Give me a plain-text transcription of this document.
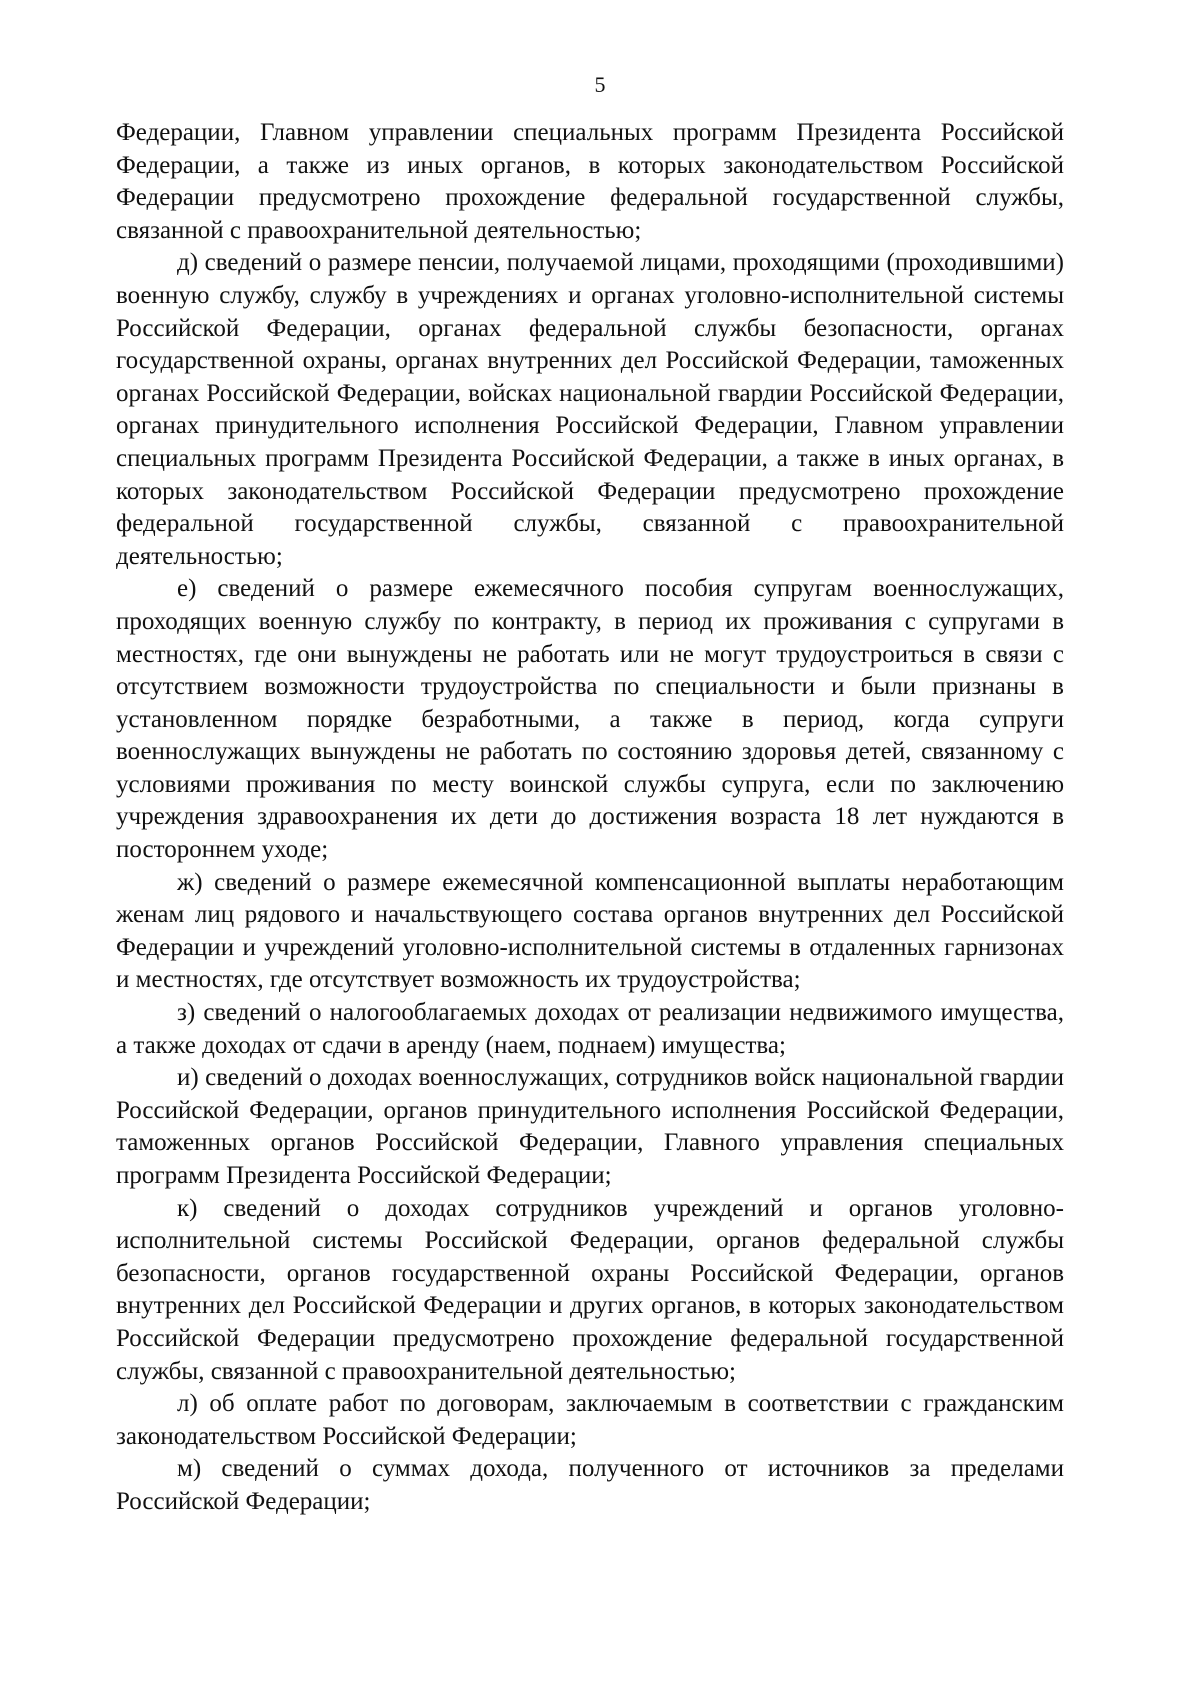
5

Федерации, Главном управлении специальных программ Президента Российской Федерации, а также из иных органов, в которых законодательством Российской Федерации предусмотрено прохождение федеральной государственной службы, связанной с правоохранительной деятельностью;

д) сведений о размере пенсии, получаемой лицами, проходящими (проходившими) военную службу, службу в учреждениях и органах уголовно-исполнительной системы Российской Федерации, органах федеральной службы безопасности, органах государственной охраны, органах внутренних дел Российской Федерации, таможенных органах Российской Федерации, войсках национальной гвардии Российской Федерации, органах принудительного исполнения Российской Федерации, Главном управлении специальных программ Президента Российской Федерации, а также в иных органах, в которых законодательством Российской Федерации предусмотрено прохождение федеральной государственной службы, связанной с правоохранительной деятельностью;

е) сведений о размере ежемесячного пособия супругам военнослужащих, проходящих военную службу по контракту, в период их проживания с супругами в местностях, где они вынуждены не работать или не могут трудоустроиться в связи с отсутствием возможности трудоустройства по специальности и были признаны в установленном порядке безработными, а также в период, когда супруги военнослужащих вынуждены не работать по состоянию здоровья детей, связанному с условиями проживания по месту воинской службы супруга, если по заключению учреждения здравоохранения их дети до достижения возраста 18 лет нуждаются в постороннем уходе;

ж) сведений о размере ежемесячной компенсационной выплаты неработающим женам лиц рядового и начальствующего состава органов внутренних дел Российской Федерации и учреждений уголовно-исполнительной системы в отдаленных гарнизонах и местностях, где отсутствует возможность их трудоустройства;

з) сведений о налогооблагаемых доходах от реализации недвижимого имущества, а также доходах от сдачи в аренду (наем, поднаем) имущества;

и) сведений о доходах военнослужащих, сотрудников войск национальной гвардии Российской Федерации, органов принудительного исполнения Российской Федерации, таможенных органов Российской Федерации, Главного управления специальных программ Президента Российской Федерации;

к) сведений о доходах сотрудников учреждений и органов уголовно-исполнительной системы Российской Федерации, органов федеральной службы безопасности, органов государственной охраны Российской Федерации, органов внутренних дел Российской Федерации и других органов, в которых законодательством Российской Федерации предусмотрено прохождение федеральной государственной службы, связанной с правоохранительной деятельностью;

л) об оплате работ по договорам, заключаемым в соответствии с гражданским законодательством Российской Федерации;

м) сведений о суммах дохода, полученного от источников за пределами Российской Федерации;
